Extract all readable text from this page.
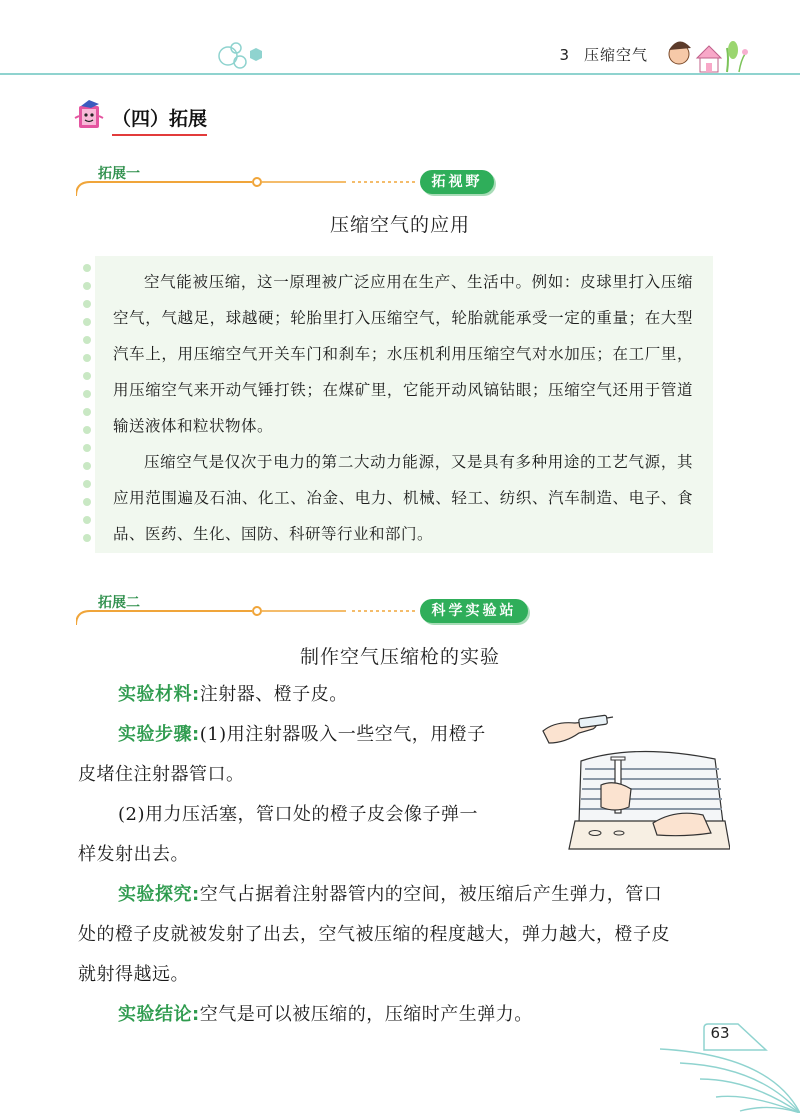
3 压缩空气
（四）拓展
拓展一	拓视野
压缩空气的应用

空气能被压缩，这一原理被广泛应用在生产、生活中。例如：皮球里打入压缩空气，气越足，球越硬；轮胎里打入压缩空气，轮胎就能承受一定的重量；在大型汽车上，用压缩空气开关车门和刹车；水压机利用压缩空气对水加压；在工厂里，用压缩空气来开动气锤打铁；在煤矿里，它能开动风镐钻眼；压缩空气还用于管道输送液体和粒状物体。

压缩空气是仅次于电力的第二大动力能源，又是具有多种用途的工艺气源，其应用范围遍及石油、化工、冶金、电力、机械、轻工、纺织、汽车制造、电子、食品、医药、生化、国防、科研等行业和部门。

拓展二	科学实验站
制作空气压缩枪的实验
实验材料:注射器、橙子皮。
实验步骤:(1)用注射器吸入一些空气，用橙子
皮堵住注射器管口。
(2)用力压活塞，管口处的橙子皮会像子弹一
样发射出去。
实验探究:空气占据着注射器管内的空间，被压缩后产生弹力，管口
处的橙子皮就被发射了出去，空气被压缩的程度越大，弹力越大，橙子皮
就射得越远。
实验结论:空气是可以被压缩的，压缩时产生弹力。
63
